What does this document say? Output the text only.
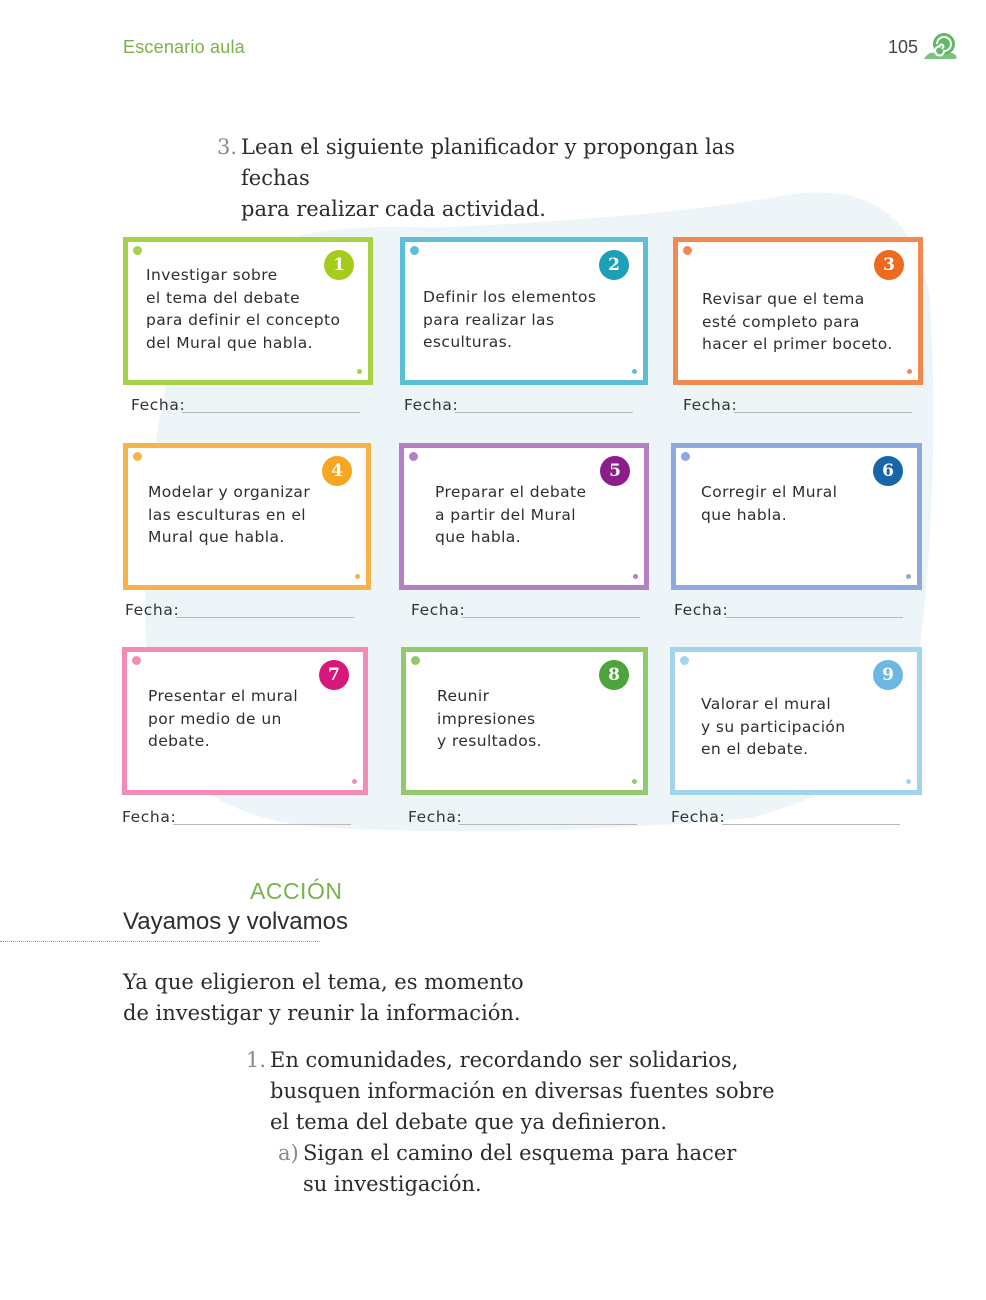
Escenario aula	105
3. Lean el siguiente planificador y propongan las fechas
para realizar cada actividad.
1
Investigar sobre
el tema del debate
para definir el concepto
del Mural que habla.
2
Definir los elementos
para realizar las
esculturas.
3
Revisar que el tema
esté completo para
hacer el primer boceto.
Fecha:	Fecha:	Fecha:
4
Modelar y organizar
las esculturas en el
Mural que habla.
5
Preparar el debate
a partir del Mural
que habla.
6
Corregir el Mural
que habla.
Fecha:	Fecha:	Fecha:
7
Presentar el mural
por medio de un
debate.
8
Reunir
impresiones
y resultados.
9
Valorar el mural
y su participación
en el debate.
Fecha:	Fecha:	Fecha:
ACCIÓN
Vayamos y volvamos
Ya que eligieron el tema, es momento
de investigar y reunir la información.
1. En comunidades, recordando ser solidarios,
busquen información en diversas fuentes sobre
el tema del debate que ya definieron.
a) Sigan el camino del esquema para hacer
su investigación.
